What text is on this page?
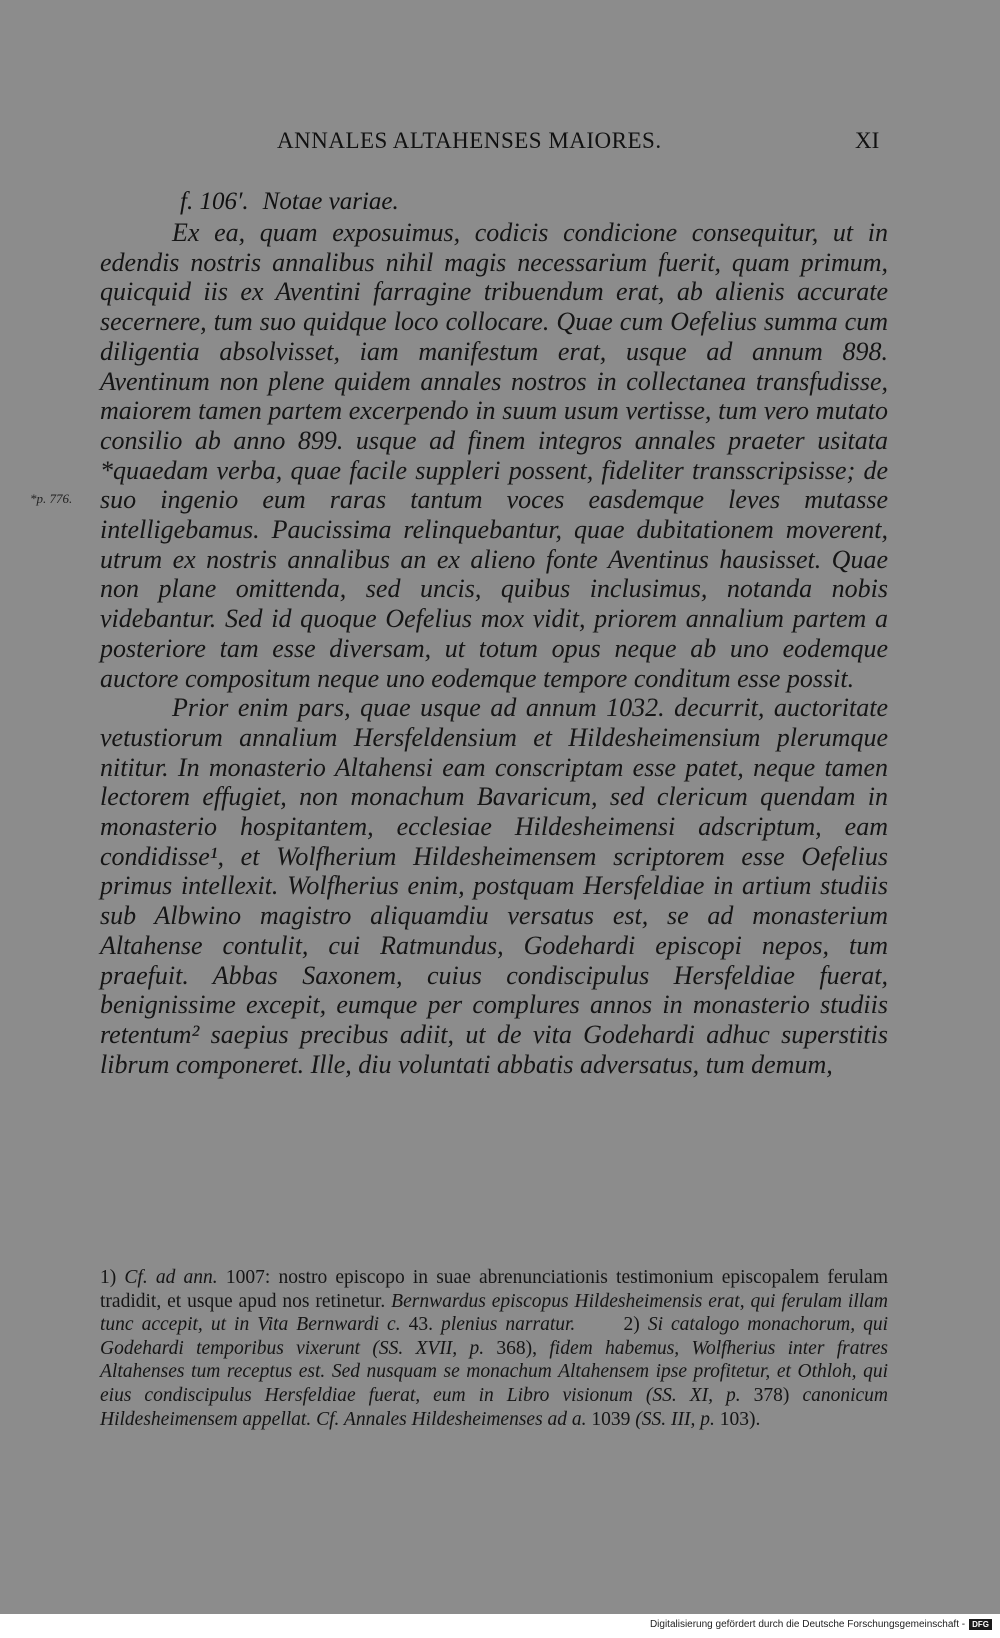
ANNALES ALTAHENSES MAIORES.	XI
f. 106′. Notae variae.
*p. 776.

Ex ea, quam exposuimus, codicis condicione consequitur, ut in edendis nostris annalibus nihil magis necessarium fuerit, quam primum, quicquid iis ex Aventini farragine tribuendum erat, ab alienis accurate secernere, tum suo quidque loco collocare. Quae cum Oefelius summa cum diligentia absolvisset, iam manifestum erat, usque ad annum 898. Aventinum non plene quidem annales nostros in collectanea transfudisse, maiorem tamen partem excerpendo in suum usum vertisse, tum vero mutato consilio ab anno 899. usque ad finem integros annales praeter usitata *quaedam verba, quae facile suppleri possent, fideliter transscripsisse; de suo ingenio eum raras tantum voces easdemque leves mutasse intelligebamus. Paucissima relinquebantur, quae dubitationem moverent, utrum ex nostris annalibus an ex alieno fonte Aventinus hausisset. Quae non plane omittenda, sed uncis, quibus inclusimus, notanda nobis videbantur. Sed id quoque Oefelius mox vidit, priorem annalium partem a posteriore tam esse diversam, ut totum opus neque ab uno eodemque auctore compositum neque uno eodemque tempore conditum esse possit.

Prior enim pars, quae usque ad annum 1032. decurrit, auctoritate vetustiorum annalium Hersfeldensium et Hildesheimensium plerumque nititur. In monasterio Altahensi eam conscriptam esse patet, neque tamen lectorem effugiet, non monachum Bavaricum, sed clericum quendam in monasterio hospitantem, ecclesiae Hildesheimensi adscriptum, eam condidisse¹, et Wolfherium Hildesheimensem scriptorem esse Oefelius primus intellexit. Wolfherius enim, postquam Hersfeldiae in artium studiis sub Albwino magistro aliquamdiu versatus est, se ad monasterium Altahense contulit, cui Ratmundus, Godehardi episcopi nepos, tum praefuit. Abbas Saxonem, cuius condiscipulus Hersfeldiae fuerat, benignissime excepit, eumque per complures annos in monasterio studiis retentum² saepius precibus adiit, ut de vita Godehardi adhuc superstitis librum componeret. Ille, diu voluntati abbatis adversatus, tum demum,

1) Cf. ad ann. 1007: nostro episcopo in suae abrenunciationis testimonium episcopalem ferulam tradidit, et usque apud nos retinetur. Bernwardus episcopus Hildesheimensis erat, qui ferulam illam tunc accepit, ut in Vita Bernwardi c. 43. plenius narratur. 2) Si catalogo monachorum, qui Godehardi temporibus vixerunt (SS. XVII, p. 368), fidem habemus, Wolfherius inter fratres Altahenses tum receptus est. Sed nusquam se monachum Altahensem ipse profitetur, et Othloh, qui eius condiscipulus Hersfeldiae fuerat, eum in Libro visionum (SS. XI, p. 378) canonicum Hildesheimensem appellat. Cf. Annales Hildesheimenses ad a. 1039 (SS. III, p. 103).

Digitalisierung gefördert durch die Deutsche Forschungsgemeinschaft - DFG
